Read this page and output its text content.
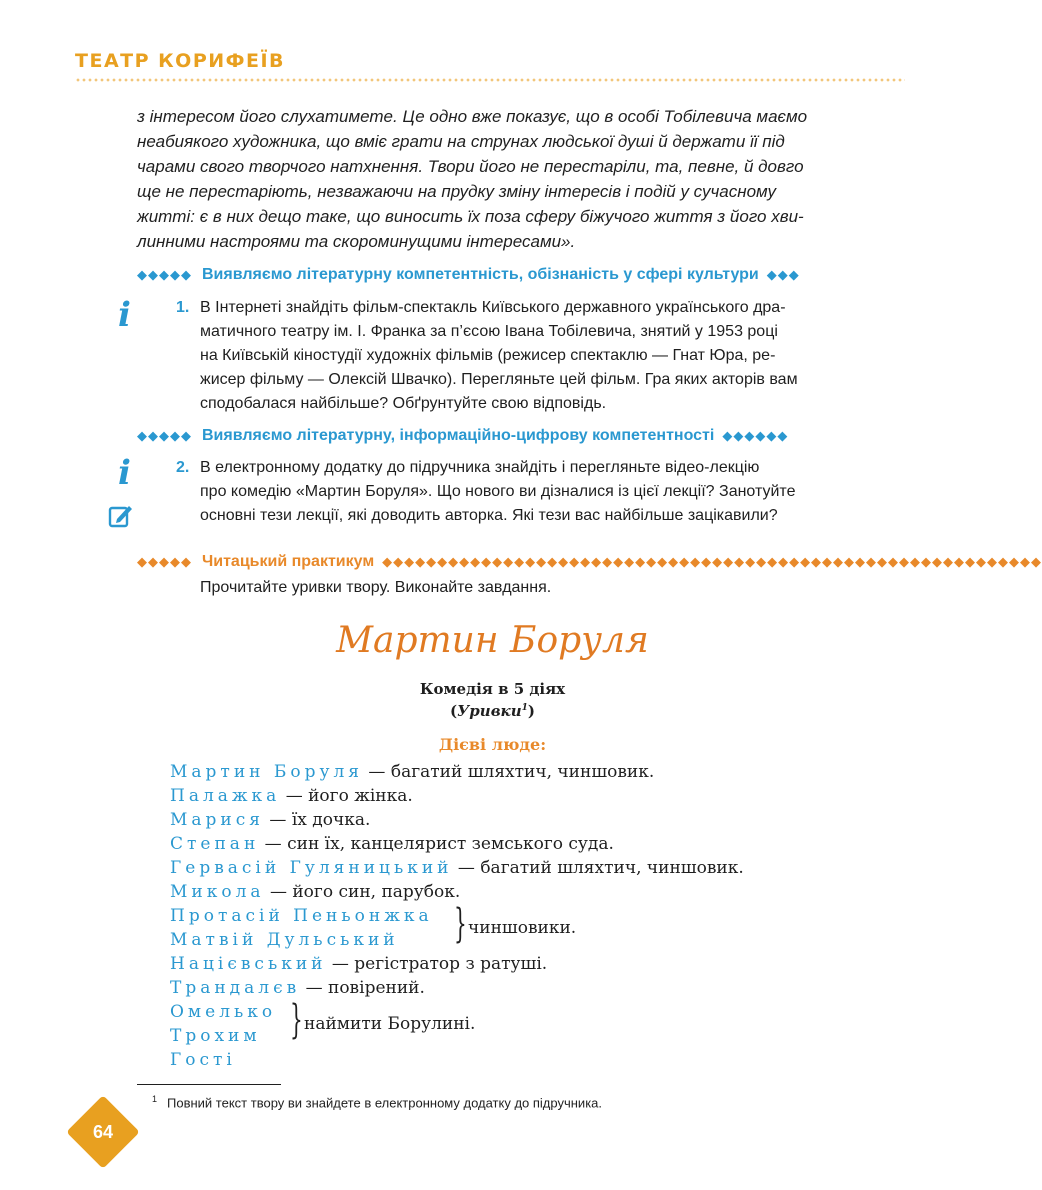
ТЕАТР КОРИФЕЇВ
з інтересом його слухатимете. Це одно вже показує, що в особі Тобілевича маємо
неабиякого художника, що вміє грати на струнах людської душі й держати її під
чарами свого творчого натхнення. Твори його не перестаріли, та, певне, й довго
ще не перестаріють, незважаючи на прудку зміну інтересів і подій у сучасному
житті: є в них дещо таке, що виносить їх поза сферу біжучого життя з його хви-
линними настроями та скороминущими інтересами».
◆◆◆◆◆ Виявляємо літературну компетентність, обізнаність у сфері культури ◆◆◆
i	1. В Інтернеті знайдіть фільм-спектакль Київського державного українського дра-
матичного театру ім. І. Франка за п’єсою Івана Тобілевича, знятий у 1953 році
на Київській кіностудії художніх фільмів (режисер спектаклю — Гнат Юра, ре-
жисер фільму — Олексій Швачко). Перегляньте цей фільм. Гра яких акторів вам
сподобалася найбільше? Обґрунтуйте свою відповідь.
◆◆◆◆◆ Виявляємо літературну, інформаційно-цифрову компетентності ◆◆◆◆◆◆
i	2. В електронному додатку до підручника знайдіть і перегляньте відео-лекцію
про комедію «Мартин Боруля». Що нового ви дізналися із цієї лекції? Занотуйте
основні тези лекції, які доводить авторка. Які тези вас найбільше зацікавили?
◆◆◆◆◆ Читацький практикум ◆◆◆◆◆◆◆◆◆◆◆◆◆◆◆◆◆◆◆◆◆◆◆◆◆◆◆◆◆◆◆◆◆◆◆◆◆◆◆◆◆◆◆◆◆◆◆◆◆◆◆◆◆◆◆◆◆◆◆◆
Прочитайте уривки твору. Виконайте завдання.
Мартин Боруля
Комедія в 5 діях
(Уривки$^1$)
Дієві люде:
Мартин Боруля — багатий шляхтич, чиншовик.
Палажка — його жінка.
Марися — їх дочка.
Степан — син їх, канцелярист земського суда.
Гервасій Гуляницький — багатий шляхтич, чиншовик.
Микола — його син, парубок.
Протасій Пеньонжка
Матвій Дульський	} чиншовики.
Націєвський — регістратор з ратуші.
Трандалєв — повірений.
Омелько
Трохим
Гості
} наймити Борулині.
$^1$ Повний текст твору ви знайдете в електронному додатку до підручника.
64
